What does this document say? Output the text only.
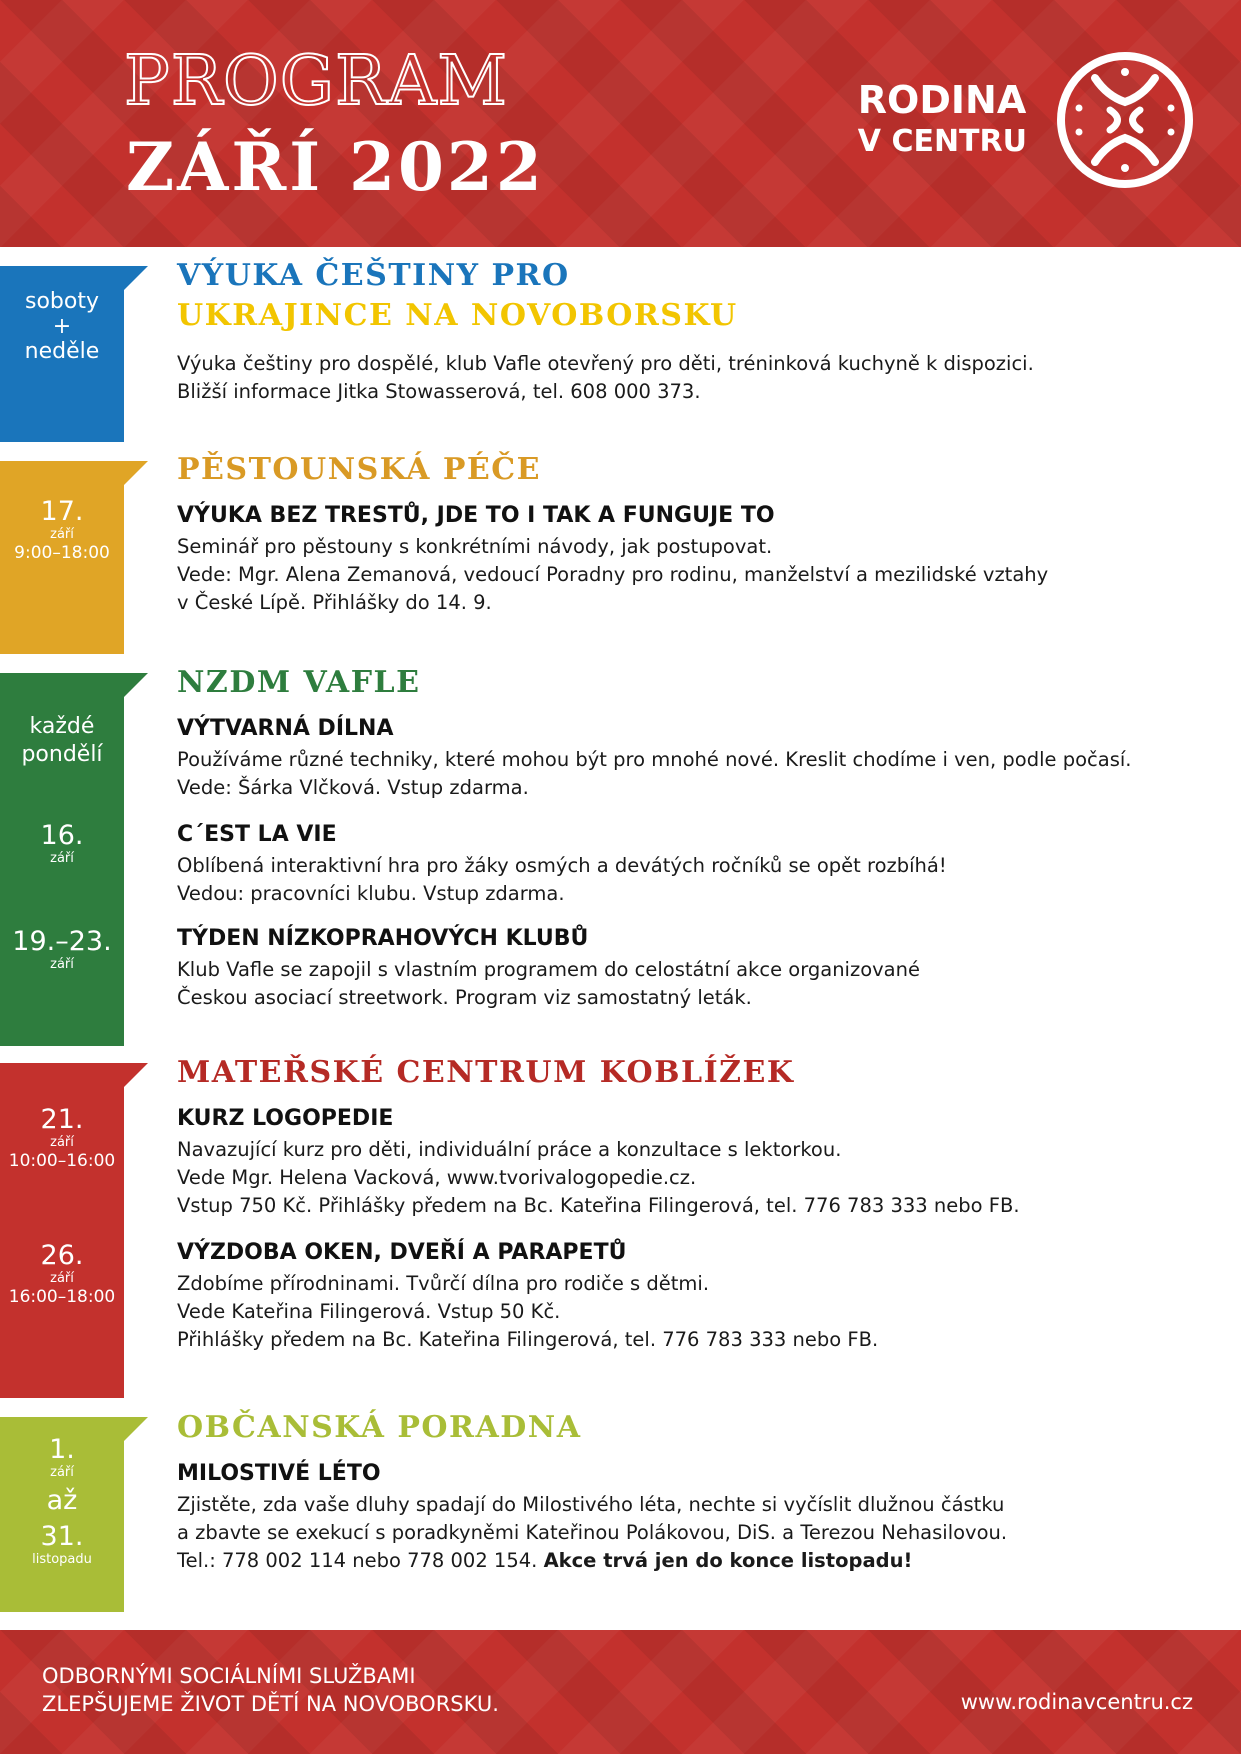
PROGRAM
ZÁŘÍ 2022
RODINA
V CENTRU
soboty
+
neděle
VÝUKA ČEŠTINY PRO
UKRAJINCE NA NOVOBORSKU
Výuka češtiny pro dospělé, klub Vafle otevřený pro děti, tréninková kuchyně k dispozici.
Bližší informace Jitka Stowasserová, tel. 608 000 373.
17.
září
9:00–18:00
PĚSTOUNSKÁ PÉČE
VÝUKA BEZ TRESTŮ, JDE TO I TAK A FUNGUJE TO
Seminář pro pěstouny s konkrétními návody, jak postupovat.
Vede: Mgr. Alena Zemanová, vedoucí Poradny pro rodinu, manželství a mezilidské vztahy
v České Lípě. Přihlášky do 14. 9.
každé
pondělí
16.
září
19.–23.
září
NZDM VAFLE
VÝTVARNÁ DÍLNA
Používáme různé techniky, které mohou být pro mnohé nové. Kreslit chodíme i ven, podle počasí.
Vede: Šárka Vlčková. Vstup zdarma.
C´EST LA VIE
Oblíbená interaktivní hra pro žáky osmých a devátých ročníků se opět rozbíhá!
Vedou: pracovníci klubu. Vstup zdarma.
TÝDEN NÍZKOPRAHOVÝCH KLUBŮ
Klub Vafle se zapojil s vlastním programem do celostátní akce organizované
Českou asociací streetwork. Program viz samostatný leták.
21.
září
10:00–16:00
26.
září
16:00–18:00
MATEŘSKÉ CENTRUM KOBLÍŽEK
KURZ LOGOPEDIE
Navazující kurz pro děti, individuální práce a konzultace s lektorkou.
Vede Mgr. Helena Vacková, www.tvorivalogopedie.cz.
Vstup 750 Kč. Přihlášky předem na Bc. Kateřina Filingerová, tel. 776 783 333 nebo FB.
VÝZDOBA OKEN, DVEŘÍ A PARAPETŮ
Zdobíme přírodninami. Tvůrčí dílna pro rodiče s dětmi.
Vede Kateřina Filingerová. Vstup 50 Kč.
Přihlášky předem na Bc. Kateřina Filingerová, tel. 776 783 333 nebo FB.
1.
září
až
31.
listopadu
OBČANSKÁ PORADNA
MILOSTIVÉ LÉTO
Zjistěte, zda vaše dluhy spadají do Milostivého léta, nechte si vyčíslit dlužnou částku
a zbavte se exekucí s poradkyněmi Kateřinou Polákovou, DiS. a Terezou Nehasilovou.
Tel.: 778 002 114 nebo 778 002 154. Akce trvá jen do konce listopadu!
ODBORNÝMI SOCIÁLNÍMI SLUŽBAMI
ZLEPŠUJEME ŽIVOT DĚTÍ NA NOVOBORSKU.	www.rodinavcentru.cz
